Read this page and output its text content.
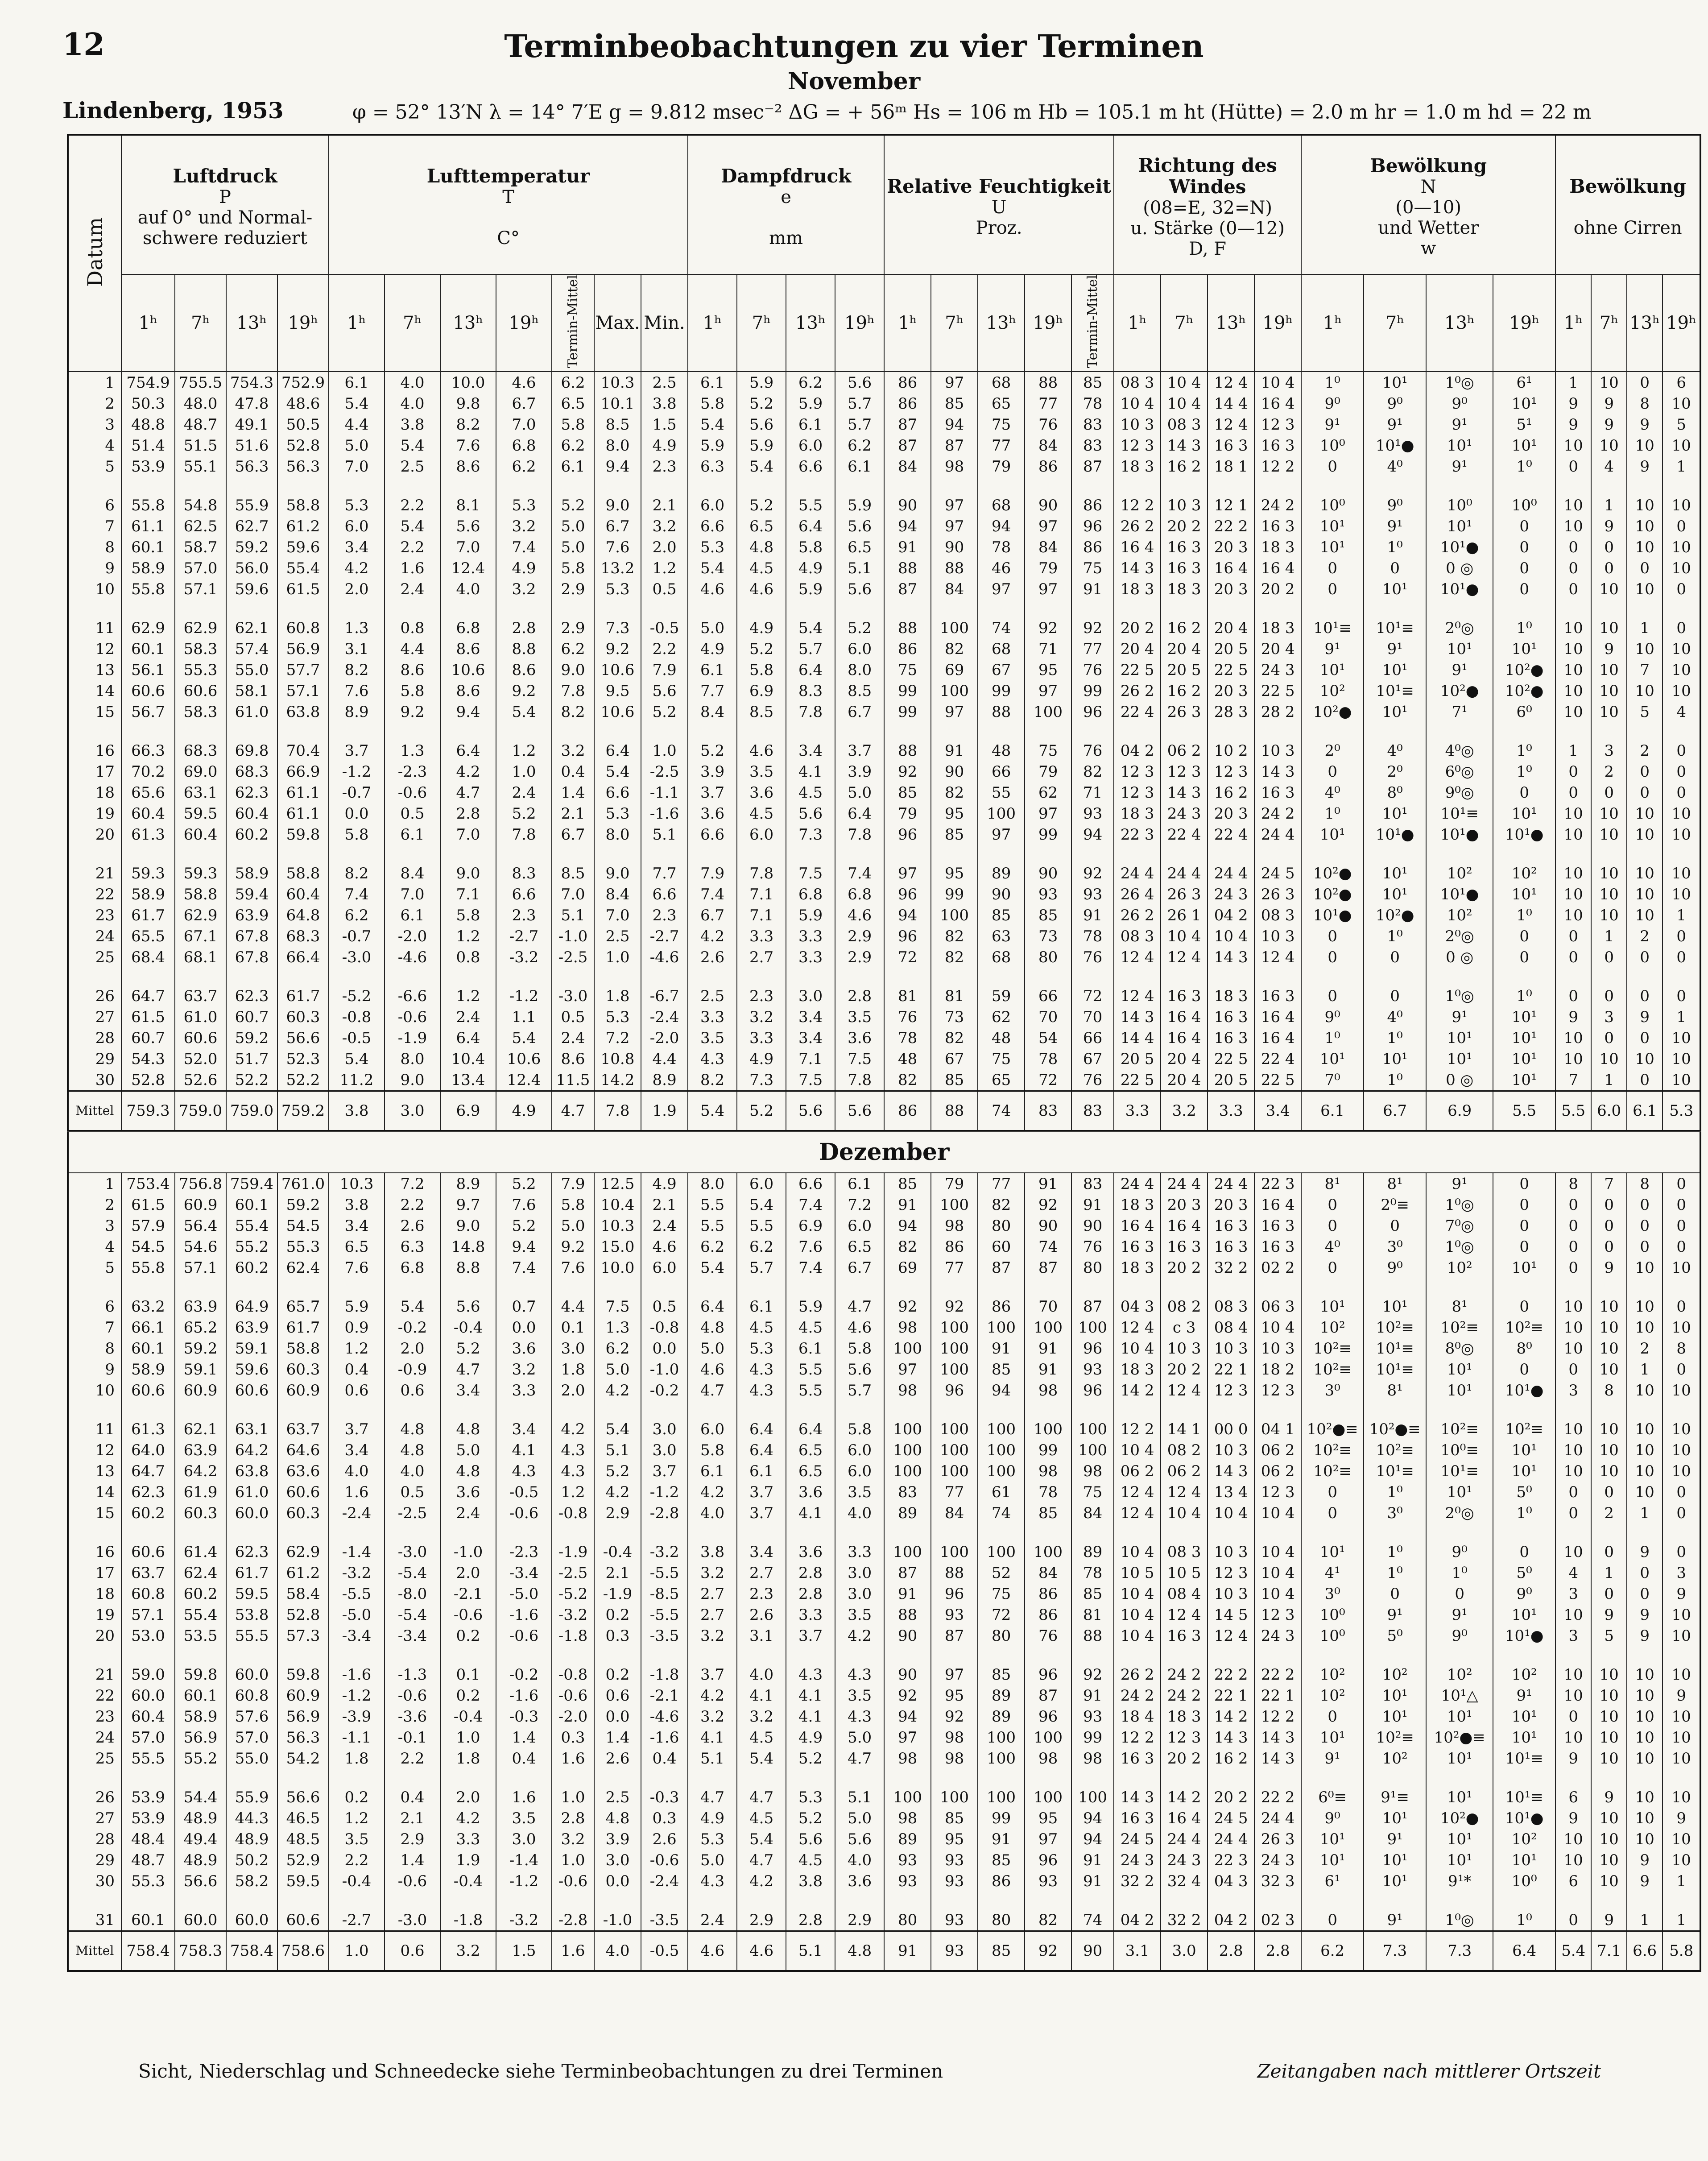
12	Terminbeobachtungen zu vier Terminen
November
Lindenberg, 1953	φ = 52° 13′N λ = 14° 7′E g = 9.812 msec⁻² ΔG = + 56ᵐ Hs = 106 m Hb = 105.1 m ht (Hütte) = 2.0 m hr = 1.0 m hd = 22 m
Datum	Luftdruck
P
auf 0° und Normal-schwere reduziert				Lufttemperatur
T

C°							Dampfdruck
e

mm				Relative Feuchtigkeit
U
Proz.					Richtung des Windes
(08=E, 32=N)
u. Stärke (0—12)
D, F				Bewölkung
N
(0—10)
und Wetter
w				Bewölkung

ohne Cirren			
	1ʰ	7ʰ	13ʰ	19ʰ	1ʰ	7ʰ	13ʰ	19ʰ	Termin-Mittel	Max.	Min.	1ʰ	7ʰ	13ʰ	19ʰ	1ʰ	7ʰ	13ʰ	19ʰ	Termin-Mittel	1ʰ	7ʰ	13ʰ	19ʰ	1ʰ	7ʰ	13ʰ	19ʰ	1ʰ	7ʰ	13ʰ	19ʰ
1	754.9	755.5	754.3	752.9	6.1	4.0	10.0	4.6	6.2	10.3	2.5	6.1	5.9	6.2	5.6	86	97	68	88	85	08 3	10 4	12 4	10 4	1⁰	10¹	1⁰◎	6¹	1	10	0	6
2	50.3	48.0	47.8	48.6	5.4	4.0	9.8	6.7	6.5	10.1	3.8	5.8	5.2	5.9	5.7	86	85	65	77	78	10 4	10 4	14 4	16 4	9⁰	9⁰	9⁰	10¹	9	9	8	10
3	48.8	48.7	49.1	50.5	4.4	3.8	8.2	7.0	5.8	8.5	1.5	5.4	5.6	6.1	5.7	87	94	75	76	83	10 3	08 3	12 4	12 3	9¹	9¹	9¹	5¹	9	9	9	5
4	51.4	51.5	51.6	52.8	5.0	5.4	7.6	6.8	6.2	8.0	4.9	5.9	5.9	6.0	6.2	87	87	77	84	83	12 3	14 3	16 3	16 3	10⁰	10¹●	10¹	10¹	10	10	10	10
5	53.9	55.1	56.3	56.3	7.0	2.5	8.6	6.2	6.1	9.4	2.3	6.3	5.4	6.6	6.1	84	98	79	86	87	18 3	16 2	18 1	12 2	0	4⁰	9¹	1⁰	0	4	9	1

6	55.8	54.8	55.9	58.8	5.3	2.2	8.1	5.3	5.2	9.0	2.1	6.0	5.2	5.5	5.9	90	97	68	90	86	12 2	10 3	12 1	24 2	10⁰	9⁰	10⁰	10⁰	10	1	10	10
7	61.1	62.5	62.7	61.2	6.0	5.4	5.6	3.2	5.0	6.7	3.2	6.6	6.5	6.4	5.6	94	97	94	97	96	26 2	20 2	22 2	16 3	10¹	9¹	10¹	0	10	9	10	0
8	60.1	58.7	59.2	59.6	3.4	2.2	7.0	7.4	5.0	7.6	2.0	5.3	4.8	5.8	6.5	91	90	78	84	86	16 4	16 3	20 3	18 3	10¹	1⁰	10¹●	0	0	0	10	10
9	58.9	57.0	56.0	55.4	4.2	1.6	12.4	4.9	5.8	13.2	1.2	5.4	4.5	4.9	5.1	88	88	46	79	75	14 3	16 3	16 4	16 4	0	0	0 ◎	0	0	0	0	10
10	55.8	57.1	59.6	61.5	2.0	2.4	4.0	3.2	2.9	5.3	0.5	4.6	4.6	5.9	5.6	87	84	97	97	91	18 3	18 3	20 3	20 2	0	10¹	10¹●	0	0	10	10	0

11	62.9	62.9	62.1	60.8	1.3	0.8	6.8	2.8	2.9	7.3	-0.5	5.0	4.9	5.4	5.2	88	100	74	92	92	20 2	16 2	20 4	18 3	10¹≡	10¹≡	2⁰◎	1⁰	10	10	1	0
12	60.1	58.3	57.4	56.9	3.1	4.4	8.6	8.8	6.2	9.2	2.2	4.9	5.2	5.7	6.0	86	82	68	71	77	20 4	20 4	20 5	20 4	9¹	9¹	10¹	10¹	10	9	10	10
13	56.1	55.3	55.0	57.7	8.2	8.6	10.6	8.6	9.0	10.6	7.9	6.1	5.8	6.4	8.0	75	69	67	95	76	22 5	20 5	22 5	24 3	10¹	10¹	9¹	10²●	10	10	7	10
14	60.6	60.6	58.1	57.1	7.6	5.8	8.6	9.2	7.8	9.5	5.6	7.7	6.9	8.3	8.5	99	100	99	97	99	26 2	16 2	20 3	22 5	10²	10¹≡	10²●	10²●	10	10	10	10
15	56.7	58.3	61.0	63.8	8.9	9.2	9.4	5.4	8.2	10.6	5.2	8.4	8.5	7.8	6.7	99	97	88	100	96	22 4	26 3	28 3	28 2	10²●	10¹	7¹	6⁰	10	10	5	4

16	66.3	68.3	69.8	70.4	3.7	1.3	6.4	1.2	3.2	6.4	1.0	5.2	4.6	3.4	3.7	88	91	48	75	76	04 2	06 2	10 2	10 3	2⁰	4⁰	4⁰◎	1⁰	1	3	2	0
17	70.2	69.0	68.3	66.9	-1.2	-2.3	4.2	1.0	0.4	5.4	-2.5	3.9	3.5	4.1	3.9	92	90	66	79	82	12 3	12 3	12 3	14 3	0	2⁰	6⁰◎	1⁰	0	2	0	0
18	65.6	63.1	62.3	61.1	-0.7	-0.6	4.7	2.4	1.4	6.6	-1.1	3.7	3.6	4.5	5.0	85	82	55	62	71	12 3	14 3	16 2	16 3	4⁰	8⁰	9⁰◎	0	0	0	0	0
19	60.4	59.5	60.4	61.1	0.0	0.5	2.8	5.2	2.1	5.3	-1.6	3.6	4.5	5.6	6.4	79	95	100	97	93	18 3	24 3	20 3	24 2	1⁰	10¹	10¹≡	10¹	10	10	10	10
20	61.3	60.4	60.2	59.8	5.8	6.1	7.0	7.8	6.7	8.0	5.1	6.6	6.0	7.3	7.8	96	85	97	99	94	22 3	22 4	22 4	24 4	10¹	10¹●	10¹●	10¹●	10	10	10	10

21	59.3	59.3	58.9	58.8	8.2	8.4	9.0	8.3	8.5	9.0	7.7	7.9	7.8	7.5	7.4	97	95	89	90	92	24 4	24 4	24 4	24 5	10²●	10¹	10²	10²	10	10	10	10
22	58.9	58.8	59.4	60.4	7.4	7.0	7.1	6.6	7.0	8.4	6.6	7.4	7.1	6.8	6.8	96	99	90	93	93	26 4	26 3	24 3	26 3	10²●	10¹	10¹●	10¹	10	10	10	10
23	61.7	62.9	63.9	64.8	6.2	6.1	5.8	2.3	5.1	7.0	2.3	6.7	7.1	5.9	4.6	94	100	85	85	91	26 2	26 1	04 2	08 3	10¹●	10²●	10²	1⁰	10	10	10	1
24	65.5	67.1	67.8	68.3	-0.7	-2.0	1.2	-2.7	-1.0	2.5	-2.7	4.2	3.3	3.3	2.9	96	82	63	73	78	08 3	10 4	10 4	10 3	0	1⁰	2⁰◎	0	0	1	2	0
25	68.4	68.1	67.8	66.4	-3.0	-4.6	0.8	-3.2	-2.5	1.0	-4.6	2.6	2.7	3.3	2.9	72	82	68	80	76	12 4	12 4	14 3	12 4	0	0	0 ◎	0	0	0	0	0

26	64.7	63.7	62.3	61.7	-5.2	-6.6	1.2	-1.2	-3.0	1.8	-6.7	2.5	2.3	3.0	2.8	81	81	59	66	72	12 4	16 3	18 3	16 3	0	0	1⁰◎	1⁰	0	0	0	0
27	61.5	61.0	60.7	60.3	-0.8	-0.6	2.4	1.1	0.5	5.3	-2.4	3.3	3.2	3.4	3.5	76	73	62	70	70	14 3	16 4	16 3	16 4	9⁰	4⁰	9¹	10¹	9	3	9	1
28	60.7	60.6	59.2	56.6	-0.5	-1.9	6.4	5.4	2.4	7.2	-2.0	3.5	3.3	3.4	3.6	78	82	48	54	66	14 4	16 4	16 3	16 4	1⁰	1⁰	10¹	10¹	10	0	0	10
29	54.3	52.0	51.7	52.3	5.4	8.0	10.4	10.6	8.6	10.8	4.4	4.3	4.9	7.1	7.5	48	67	75	78	67	20 5	20 4	22 5	22 4	10¹	10¹	10¹	10¹	10	10	10	10
30	52.8	52.6	52.2	52.2	11.2	9.0	13.4	12.4	11.5	14.2	8.9	8.2	7.3	7.5	7.8	82	85	65	72	76	22 5	20 4	20 5	22 5	7⁰	1⁰	0 ◎	10¹	7	1	0	10
Mittel	759.3	759.0	759.0	759.2	3.8	3.0	6.9	4.9	4.7	7.8	1.9	5.4	5.2	5.6	5.6	86	88	74	83	83	3.3	3.2	3.3	3.4	6.1	6.7	6.9	5.5	5.5	6.0	6.1	5.3
Dezember																																
1	753.4	756.8	759.4	761.0	10.3	7.2	8.9	5.2	7.9	12.5	4.9	8.0	6.0	6.6	6.1	85	79	77	91	83	24 4	24 4	24 4	22 3	8¹	8¹	9¹	0	8	7	8	0
2	61.5	60.9	60.1	59.2	3.8	2.2	9.7	7.6	5.8	10.4	2.1	5.5	5.4	7.4	7.2	91	100	82	92	91	18 3	20 3	20 3	16 4	0	2⁰≡	1⁰◎	0	0	0	0	0
3	57.9	56.4	55.4	54.5	3.4	2.6	9.0	5.2	5.0	10.3	2.4	5.5	5.5	6.9	6.0	94	98	80	90	90	16 4	16 4	16 3	16 3	0	0	7⁰◎	0	0	0	0	0
4	54.5	54.6	55.2	55.3	6.5	6.3	14.8	9.4	9.2	15.0	4.6	6.2	6.2	7.6	6.5	82	86	60	74	76	16 3	16 3	16 3	16 3	4⁰	3⁰	1⁰◎	0	0	0	0	0
5	55.8	57.1	60.2	62.4	7.6	6.8	8.8	7.4	7.6	10.0	6.0	5.4	5.7	7.4	6.7	69	77	87	87	80	18 3	20 2	32 2	02 2	0	9⁰	10²	10¹	0	9	10	10

6	63.2	63.9	64.9	65.7	5.9	5.4	5.6	0.7	4.4	7.5	0.5	6.4	6.1	5.9	4.7	92	92	86	70	87	04 3	08 2	08 3	06 3	10¹	10¹	8¹	0	10	10	10	0
7	66.1	65.2	63.9	61.7	0.9	-0.2	-0.4	0.0	0.1	1.3	-0.8	4.8	4.5	4.5	4.6	98	100	100	100	100	12 4	c 3	08 4	10 4	10²	10²≡	10²≡	10²≡	10	10	10	10
8	60.1	59.2	59.1	58.8	1.2	2.0	5.2	3.6	3.0	6.2	0.0	5.0	5.3	6.1	5.8	100	100	91	91	96	10 4	10 3	10 3	10 3	10²≡	10¹≡	8⁰◎	8⁰	10	10	2	8
9	58.9	59.1	59.6	60.3	0.4	-0.9	4.7	3.2	1.8	5.0	-1.0	4.6	4.3	5.5	5.6	97	100	85	91	93	18 3	20 2	22 1	18 2	10²≡	10¹≡	10¹	0	0	10	1	0
10	60.6	60.9	60.6	60.9	0.6	0.6	3.4	3.3	2.0	4.2	-0.2	4.7	4.3	5.5	5.7	98	96	94	98	96	14 2	12 4	12 3	12 3	3⁰	8¹	10¹	10¹●	3	8	10	10

11	61.3	62.1	63.1	63.7	3.7	4.8	4.8	3.4	4.2	5.4	3.0	6.0	6.4	6.4	5.8	100	100	100	100	100	12 2	14 1	00 0	04 1	10²●≡	10²●≡	10²≡	10²≡	10	10	10	10
12	64.0	63.9	64.2	64.6	3.4	4.8	5.0	4.1	4.3	5.1	3.0	5.8	6.4	6.5	6.0	100	100	100	99	100	10 4	08 2	10 3	06 2	10²≡	10²≡	10⁰≡	10¹	10	10	10	10
13	64.7	64.2	63.8	63.6	4.0	4.0	4.8	4.3	4.3	5.2	3.7	6.1	6.1	6.5	6.0	100	100	100	98	98	06 2	06 2	14 3	06 2	10²≡	10¹≡	10¹≡	10¹	10	10	10	10
14	62.3	61.9	61.0	60.6	1.6	0.5	3.6	-0.5	1.2	4.2	-1.2	4.2	3.7	3.6	3.5	83	77	61	78	75	12 4	12 4	13 4	12 3	0	1⁰	10¹	5⁰	0	0	10	0
15	60.2	60.3	60.0	60.3	-2.4	-2.5	2.4	-0.6	-0.8	2.9	-2.8	4.0	3.7	4.1	4.0	89	84	74	85	84	12 4	10 4	10 4	10 4	0	3⁰	2⁰◎	1⁰	0	2	1	0

16	60.6	61.4	62.3	62.9	-1.4	-3.0	-1.0	-2.3	-1.9	-0.4	-3.2	3.8	3.4	3.6	3.3	100	100	100	100	89	10 4	08 3	10 3	10 4	10¹	1⁰	9⁰	0	10	0	9	0
17	63.7	62.4	61.7	61.2	-3.2	-5.4	2.0	-3.4	-2.5	2.1	-5.5	3.2	2.7	2.8	3.0	87	88	52	84	78	10 5	10 5	12 3	10 4	4¹	1⁰	1⁰	5⁰	4	1	0	3
18	60.8	60.2	59.5	58.4	-5.5	-8.0	-2.1	-5.0	-5.2	-1.9	-8.5	2.7	2.3	2.8	3.0	91	96	75	86	85	10 4	08 4	10 3	10 4	3⁰	0	0	9⁰	3	0	0	9
19	57.1	55.4	53.8	52.8	-5.0	-5.4	-0.6	-1.6	-3.2	0.2	-5.5	2.7	2.6	3.3	3.5	88	93	72	86	81	10 4	12 4	14 5	12 3	10⁰	9¹	9¹	10¹	10	9	9	10
20	53.0	53.5	55.5	57.3	-3.4	-3.4	0.2	-0.6	-1.8	0.3	-3.5	3.2	3.1	3.7	4.2	90	87	80	76	88	10 4	16 3	12 4	24 3	10⁰	5⁰	9⁰	10¹●	3	5	9	10

21	59.0	59.8	60.0	59.8	-1.6	-1.3	0.1	-0.2	-0.8	0.2	-1.8	3.7	4.0	4.3	4.3	90	97	85	96	92	26 2	24 2	22 2	22 2	10²	10²	10²	10²	10	10	10	10
22	60.0	60.1	60.8	60.9	-1.2	-0.6	0.2	-1.6	-0.6	0.6	-2.1	4.2	4.1	4.1	3.5	92	95	89	87	91	24 2	24 2	22 1	22 1	10²	10¹	10¹△	9¹	10	10	10	9
23	60.4	58.9	57.6	56.9	-3.9	-3.6	-0.4	-0.3	-2.0	0.0	-4.6	3.2	3.2	4.1	4.3	94	92	89	96	93	18 4	18 3	14 2	12 2	0	10¹	10¹	10¹	0	10	10	10
24	57.0	56.9	57.0	56.3	-1.1	-0.1	1.0	1.4	0.3	1.4	-1.6	4.1	4.5	4.9	5.0	97	98	100	100	99	12 2	12 3	14 3	14 3	10¹	10²≡	10²●≡	10¹	10	10	10	10
25	55.5	55.2	55.0	54.2	1.8	2.2	1.8	0.4	1.6	2.6	0.4	5.1	5.4	5.2	4.7	98	98	100	98	98	16 3	20 2	16 2	14 3	9¹	10²	10¹	10¹≡	9	10	10	10

26	53.9	54.4	55.9	56.6	0.2	0.4	2.0	1.6	1.0	2.5	-0.3	4.7	4.7	5.3	5.1	100	100	100	100	100	14 3	14 2	20 2	22 2	6⁰≡	9¹≡	10¹	10¹≡	6	9	10	10
27	53.9	48.9	44.3	46.5	1.2	2.1	4.2	3.5	2.8	4.8	0.3	4.9	4.5	5.2	5.0	98	85	99	95	94	16 3	16 4	24 5	24 4	9⁰	10¹	10²●	10¹●	9	10	10	9
28	48.4	49.4	48.9	48.5	3.5	2.9	3.3	3.0	3.2	3.9	2.6	5.3	5.4	5.6	5.6	89	95	91	97	94	24 5	24 4	24 4	26 3	10¹	9¹	10¹	10²	10	10	10	10
29	48.7	48.9	50.2	52.9	2.2	1.4	1.9	-1.4	1.0	3.0	-0.6	5.0	4.7	4.5	4.0	93	93	85	96	91	24 3	24 3	22 3	24 3	10¹	10¹	10¹	10¹	10	10	9	10
30	55.3	56.6	58.2	59.5	-0.4	-0.6	-0.4	-1.2	-0.6	0.0	-2.4	4.3	4.2	3.8	3.6	93	93	86	93	91	32 2	32 4	04 3	32 3	6¹	10¹	9¹*	10⁰	6	10	9	1

31	60.1	60.0	60.0	60.6	-2.7	-3.0	-1.8	-3.2	-2.8	-1.0	-3.5	2.4	2.9	2.8	2.9	80	93	80	82	74	04 2	32 2	04 2	02 3	0	9¹	1⁰◎	1⁰	0	9	1	1
Mittel	758.4	758.3	758.4	758.6	1.0	0.6	3.2	1.5	1.6	4.0	-0.5	4.6	4.6	5.1	4.8	91	93	85	92	90	3.1	3.0	2.8	2.8	6.2	7.3	7.3	6.4	5.4	7.1	6.6	5.8
Sicht, Niederschlag und Schneedecke siehe Terminbeobachtungen zu drei Terminen	Zeitangaben nach mittlerer Ortszeit
